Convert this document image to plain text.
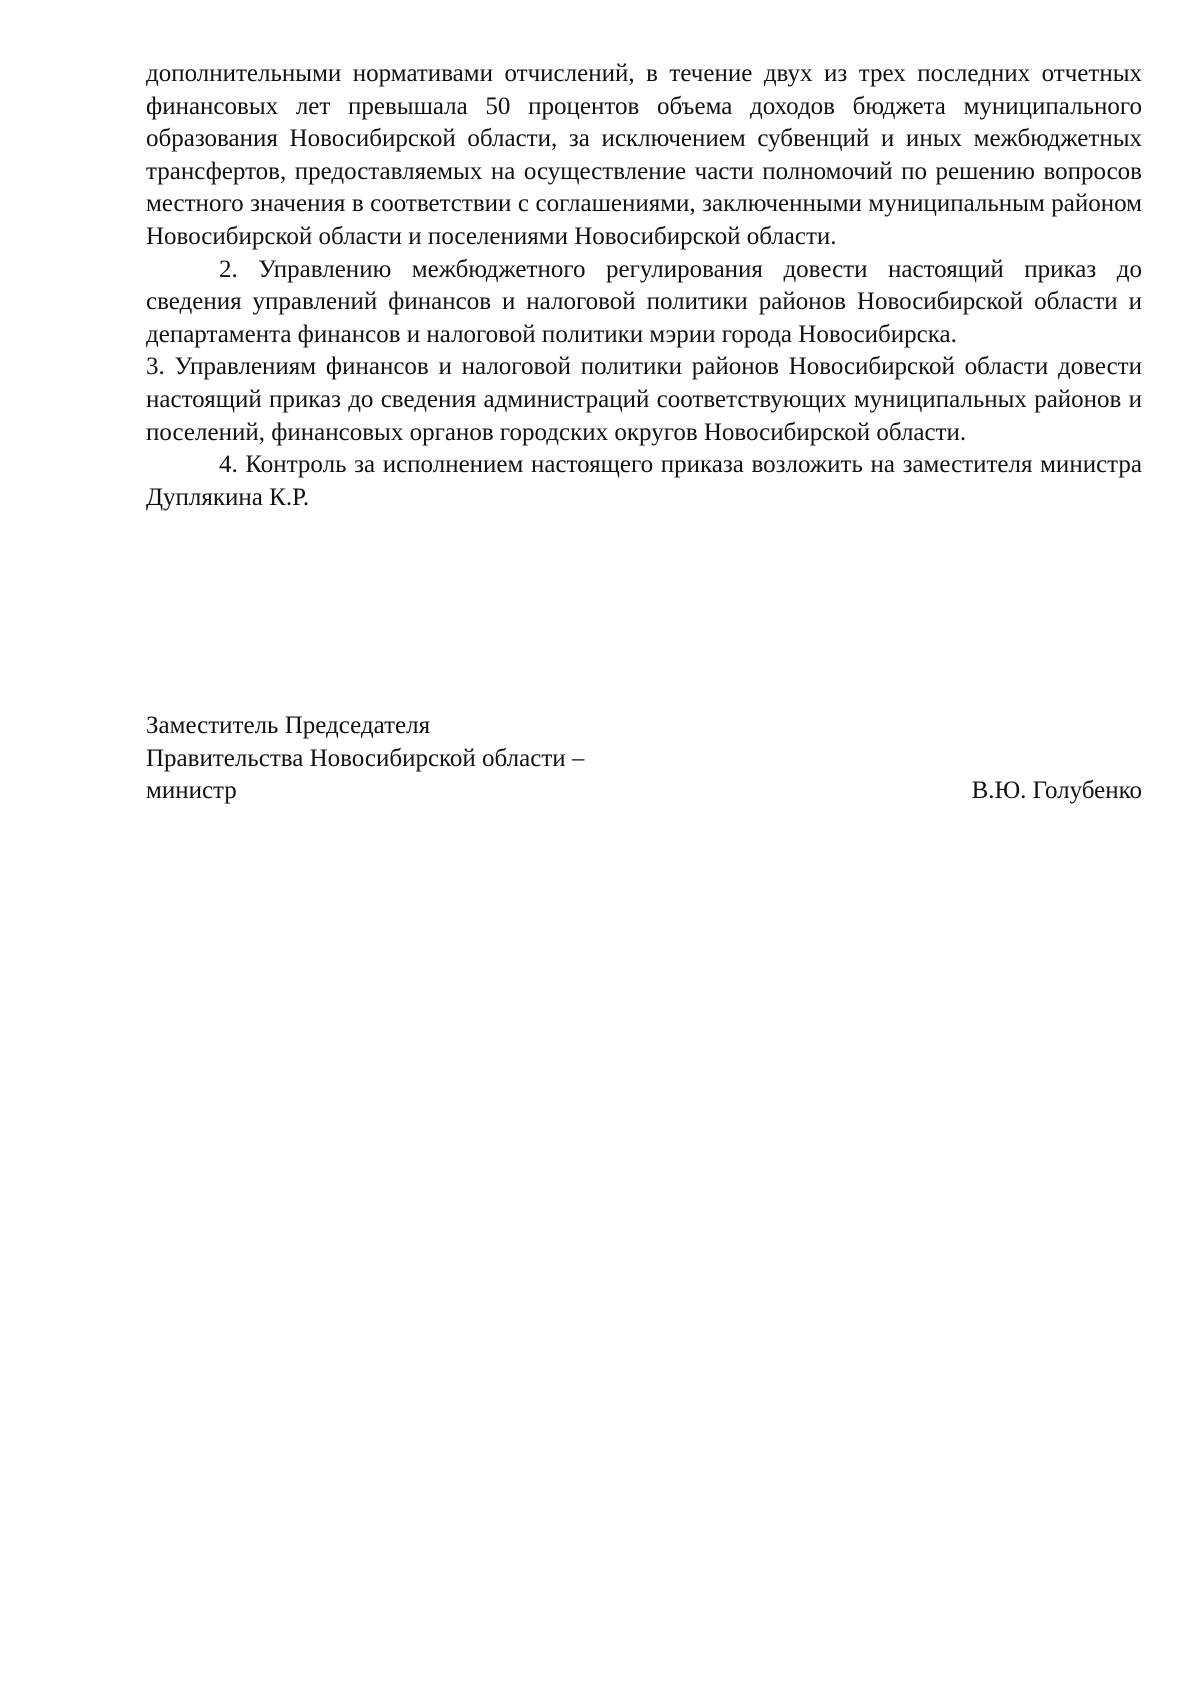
дополнительными нормативами отчислений, в течение двух из трех последних отчетных финансовых лет превышала 50 процентов объема доходов бюджета муниципального образования Новосибирской области, за исключением субвенций и иных межбюджетных трансфертов, предоставляемых на осуществление части полномочий по решению вопросов местного значения в соответствии с соглашениями, заключенными муниципальным районом Новосибирской области и поселениями Новосибирской области.

2. Управлению межбюджетного регулирования довести настоящий приказ до сведения управлений финансов и налоговой политики районов Новосибирской области и департамента финансов и налоговой политики мэрии города Новосибирска.

3. Управлениям финансов и налоговой политики районов Новосибирской области довести настоящий приказ до сведения администраций соответствующих муниципальных районов и поселений, финансовых органов городских округов Новосибирской области.

4. Контроль за исполнением настоящего приказа возложить на заместителя министра Дуплякина К.Р.

Заместитель Председателя
Правительства Новосибирской области –
министр	В.Ю. Голубенко
